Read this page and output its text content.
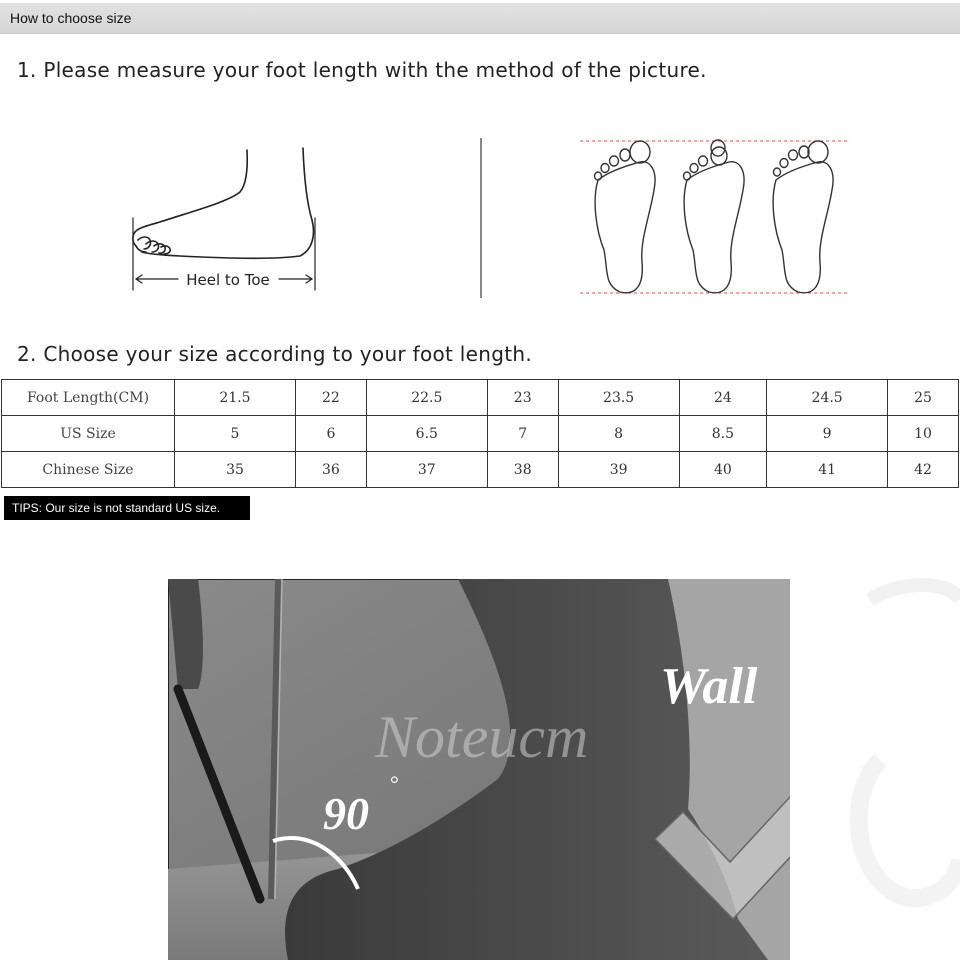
How to choose size
1. Please measure your foot length with the method of the picture.
Heel to Toe
2. Choose your size according to your foot length.
Foot Length(CM)	21.5	22	22.5	23	23.5	24	24.5	25
US Size	5	6	6.5	7	8	8.5	9	10
Chinese Size	35	36	37	38	39	40	41	42
TIPS: Our size is not standard US size.
90
°
Noteucm
Wall
